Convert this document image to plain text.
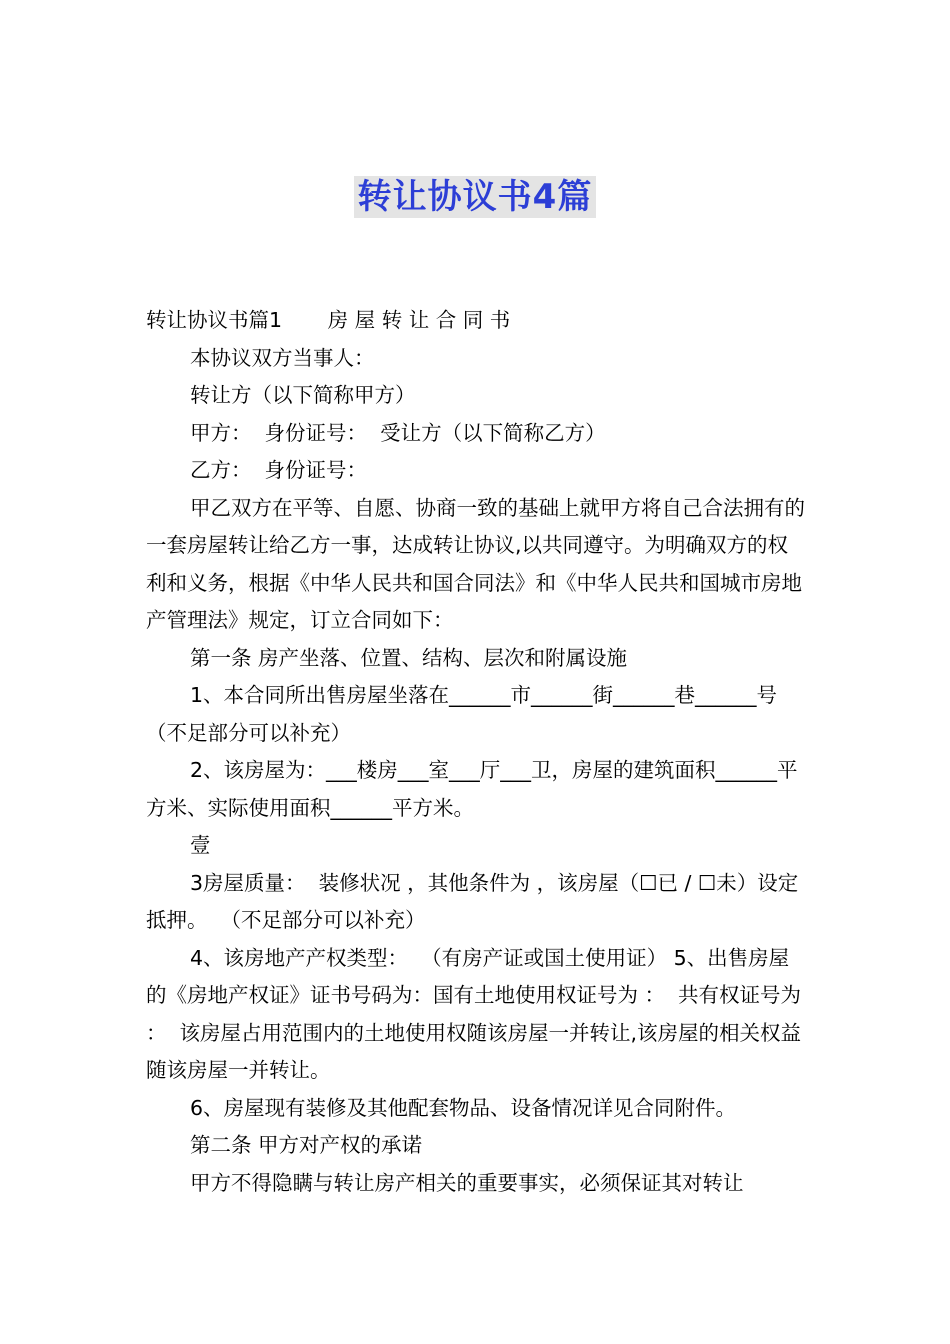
转让协议书4篇

转让协议书篇1       房 屋 转 让 合 同 书

本协议双方当事人：

转让方（以下简称甲方）

甲方：  身份证号：  受让方（以下简称乙方）

乙方：  身份证号：

甲乙双方在平等、自愿、协商一致的基础上就甲方将自己合法拥有的一套房屋转让给乙方一事，达成转让协议,以共同遵守。为明确双方的权利和义务，根据《中华人民共和国合同法》和《中华人民共和国城市房地产管理法》规定，订立合同如下：

第一条 房产坐落、位置、结构、层次和附属设施

1、本合同所出售房屋坐落在______市______街______巷______号（不足部分可以补充）

2、该房屋为：___楼房___室___厅___卫，房屋的建筑面积______平方米、实际使用面积______平方米。

壹

3房屋质量：  装修状况 ，其他条件为 ，该房屋（☐已 / ☐未）设定抵押。  （不足部分可以补充）

4、该房地产产权类型：  （有房产证或国土使用证） 5、出售房屋的《房地产权证》证书号码为：国有土地使用权证号为 ：  共有权证号为 ：  该房屋占用范围内的土地使用权随该房屋一并转让,该房屋的相关权益随该房屋一并转让。

6、房屋现有装修及其他配套物品、设备情况详见合同附件。

第二条 甲方对产权的承诺

甲方不得隐瞒与转让房产相关的重要事实，必须保证其对转让
